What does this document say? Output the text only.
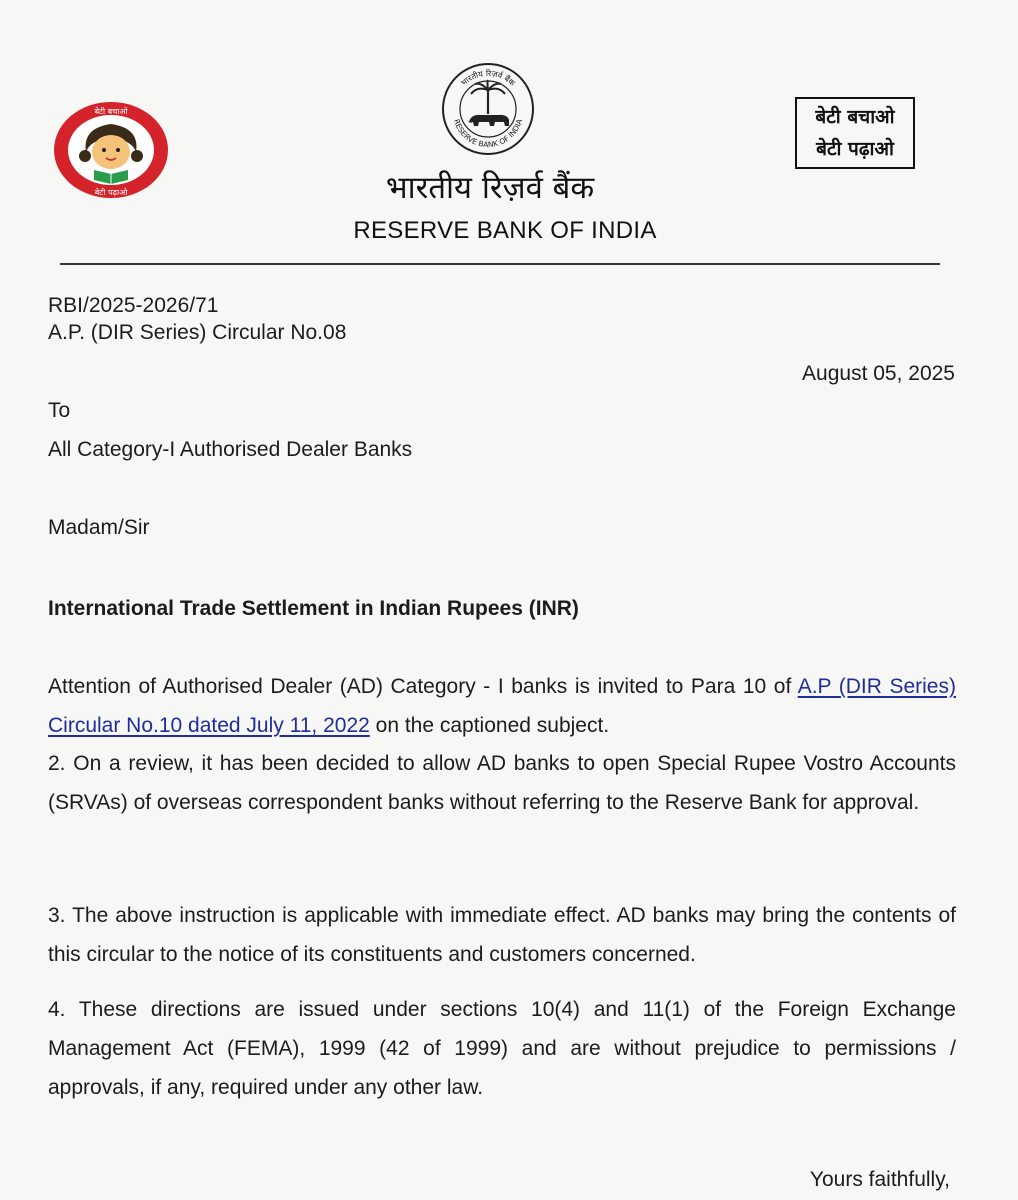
बेटी बचाओ
बेटी पढ़ाओ
भारतीय रिज़र्व बैंक
RESERVE BANK OF INDIA	बेटी बचाओ
बेटी पढ़ाओ
भारतीय रिज़र्व बैंक
RESERVE BANK OF INDIA
RBI/2025-2026/71
A.P. (DIR Series) Circular No.08
August 05, 2025
To
All Category-I Authorised Dealer Banks
Madam/Sir
International Trade Settlement in Indian Rupees (INR)
Attention of Authorised Dealer (AD) Category - I banks is invited to Para 10 of A.P (DIR Series) Circular No.10 dated July 11, 2022 on the captioned subject.
2. On a review, it has been decided to allow AD banks to open Special Rupee Vostro Accounts (SRVAs) of overseas correspondent banks without referring to the Reserve Bank for approval.
3. The above instruction is applicable with immediate effect. AD banks may bring the contents of this circular to the notice of its constituents and customers concerned.
4. These directions are issued under sections 10(4) and 11(1) of the Foreign Exchange Management Act (FEMA), 1999 (42 of 1999) and are without prejudice to permissions / approvals, if any, required under any other law.
Yours faithfully,
